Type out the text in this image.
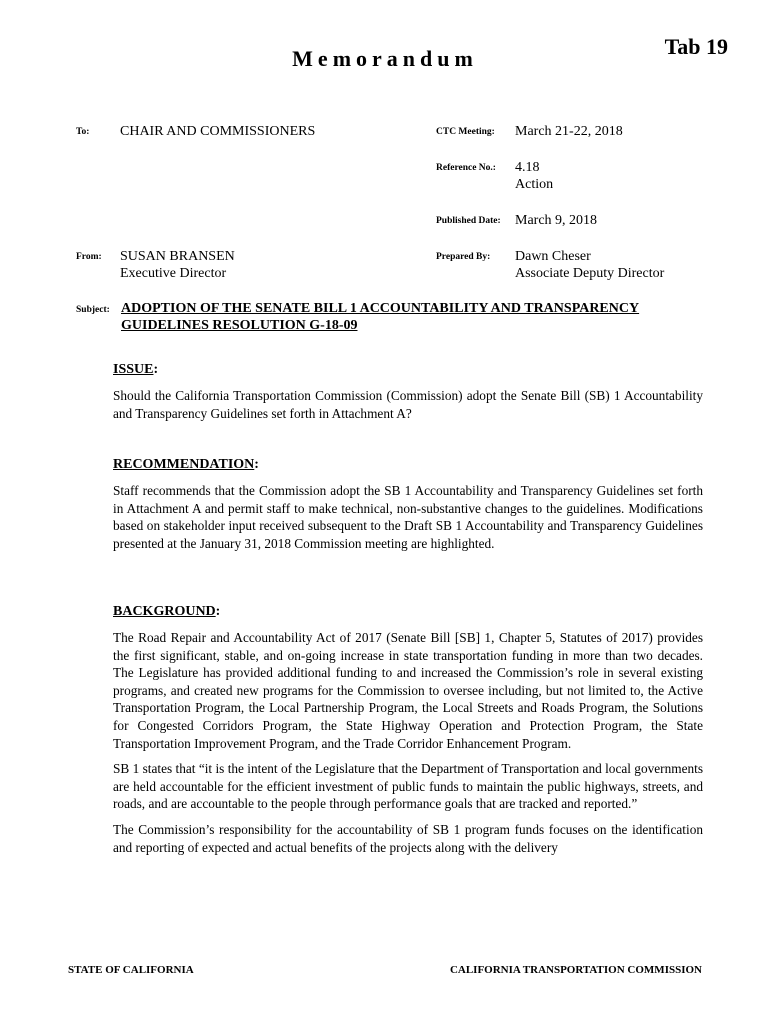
Memorandum	Tab 19
To: CHAIR AND COMMISSIONERS	CTC Meeting: March 21-22, 2018
Reference No.: 4.18
Action
Published Date: March 9, 2018
From: SUSAN BRANSEN
Executive Director
Prepared By: Dawn Cheser
Associate Deputy Director
Subject: ADOPTION OF THE SENATE BILL 1 ACCOUNTABILITY AND TRANSPARENCY
GUIDELINES RESOLUTION G-18-09
ISSUE:

Should the California Transportation Commission (Commission) adopt the Senate Bill (SB) 1 Accountability and Transparency Guidelines set forth in Attachment A?

RECOMMENDATION:

Staff recommends that the Commission adopt the SB 1 Accountability and Transparency Guidelines set forth in Attachment A and permit staff to make technical, non-substantive changes to the guidelines. Modifications based on stakeholder input received subsequent to the Draft SB 1 Accountability and Transparency Guidelines presented at the January 31, 2018 Commission meeting are highlighted.

BACKGROUND:

The Road Repair and Accountability Act of 2017 (Senate Bill [SB] 1, Chapter 5, Statutes of 2017) provides the first significant, stable, and on-going increase in state transportation funding in more than two decades. The Legislature has provided additional funding to and increased the Commission’s role in several existing programs, and created new programs for the Commission to oversee including, but not limited to, the Active Transportation Program, the Local Partnership Program, the Local Streets and Roads Program, the Solutions for Congested Corridors Program, the State Highway Operation and Protection Program, the State Transportation Improvement Program, and the Trade Corridor Enhancement Program.

SB 1 states that “it is the intent of the Legislature that the Department of Transportation and local governments are held accountable for the efficient investment of public funds to maintain the public highways, streets, and roads, and are accountable to the people through performance goals that are tracked and reported.”

The Commission’s responsibility for the accountability of SB 1 program funds focuses on the identification and reporting of expected and actual benefits of the projects along with the delivery

STATE OF CALIFORNIA	CALIFORNIA TRANSPORTATION COMMISSION
